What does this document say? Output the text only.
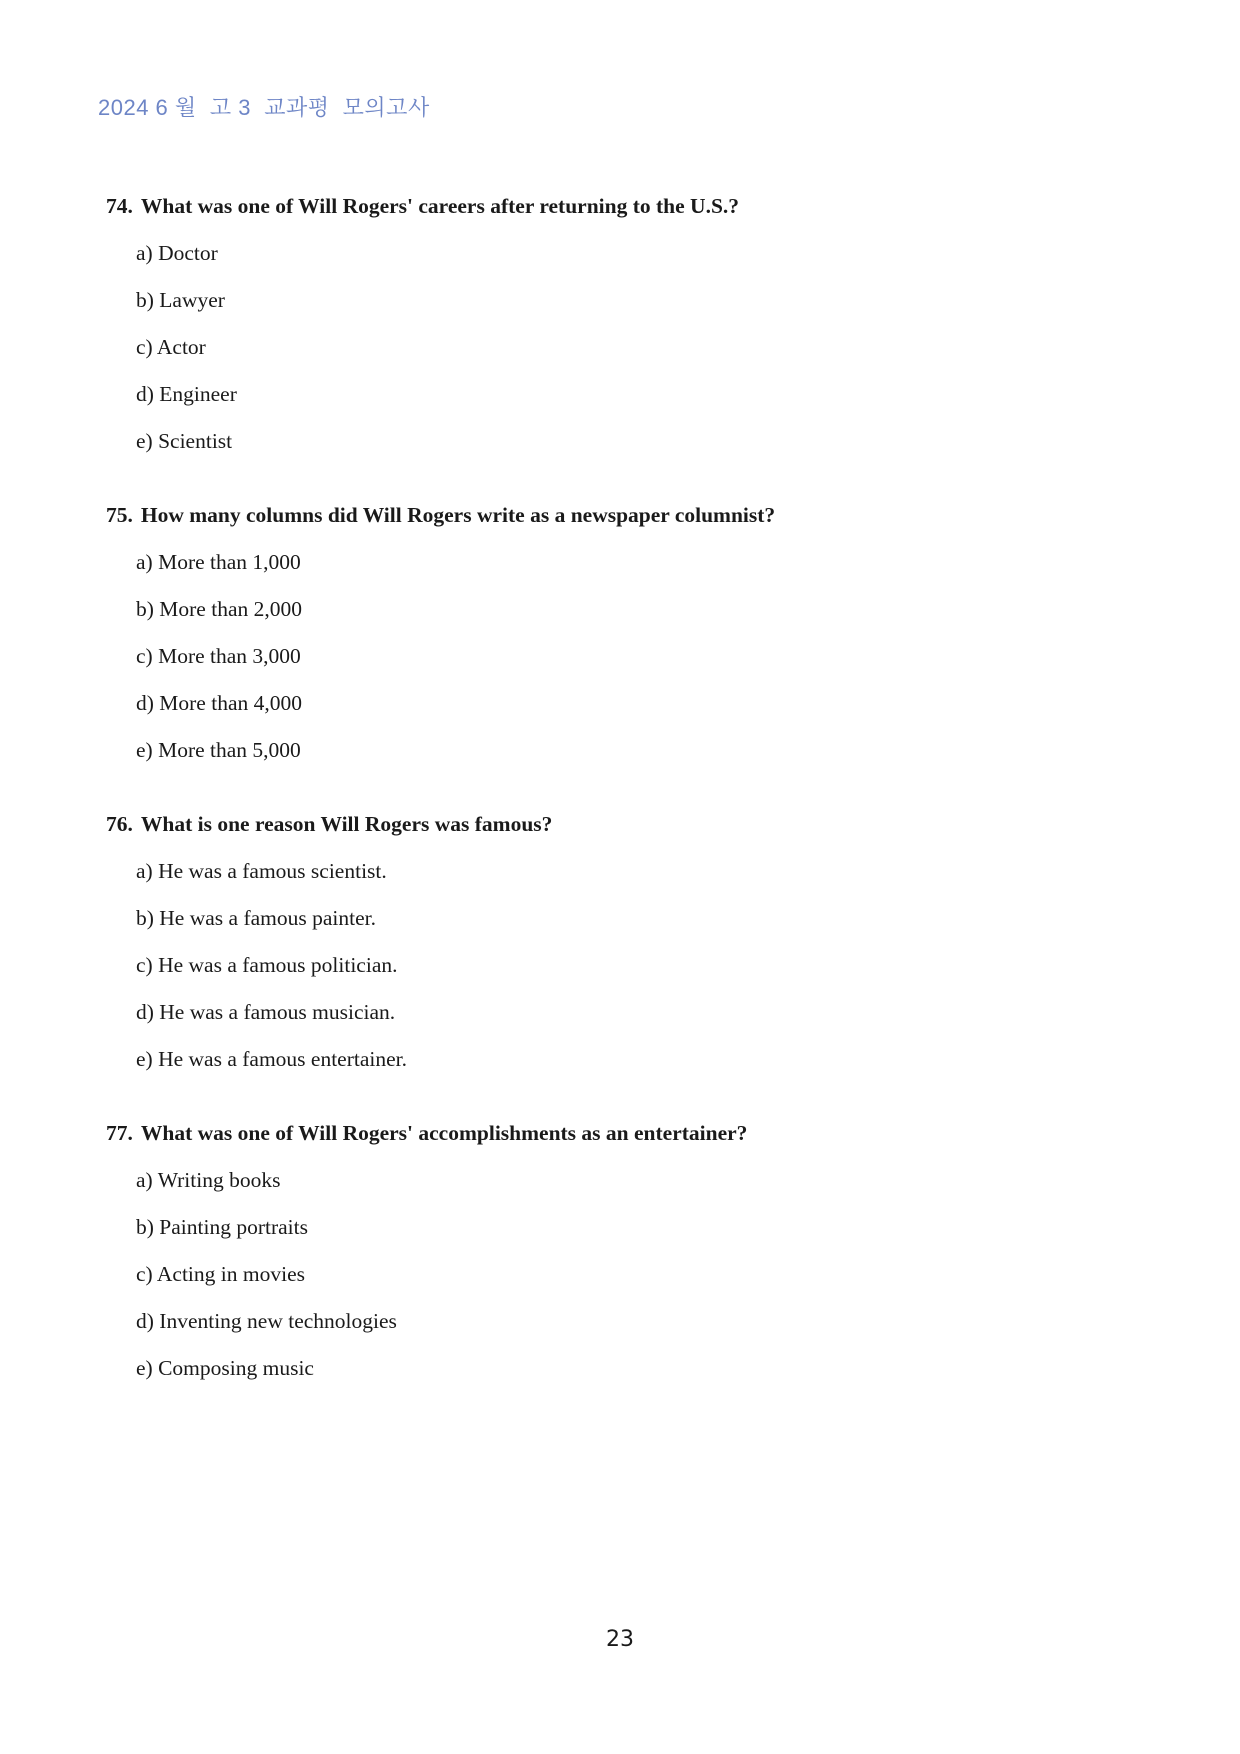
2024 6 월  고 3  교과평  모의고사
74. What was one of Will Rogers' careers after returning to the U.S.?
a) Doctor
b) Lawyer
c) Actor
d) Engineer
e) Scientist
75. How many columns did Will Rogers write as a newspaper columnist?
a) More than 1,000
b) More than 2,000
c) More than 3,000
d) More than 4,000
e) More than 5,000
76. What is one reason Will Rogers was famous?
a) He was a famous scientist.
b) He was a famous painter.
c) He was a famous politician.
d) He was a famous musician.
e) He was a famous entertainer.
77. What was one of Will Rogers' accomplishments as an entertainer?
a) Writing books
b) Painting portraits
c) Acting in movies
d) Inventing new technologies
e) Composing music
23
